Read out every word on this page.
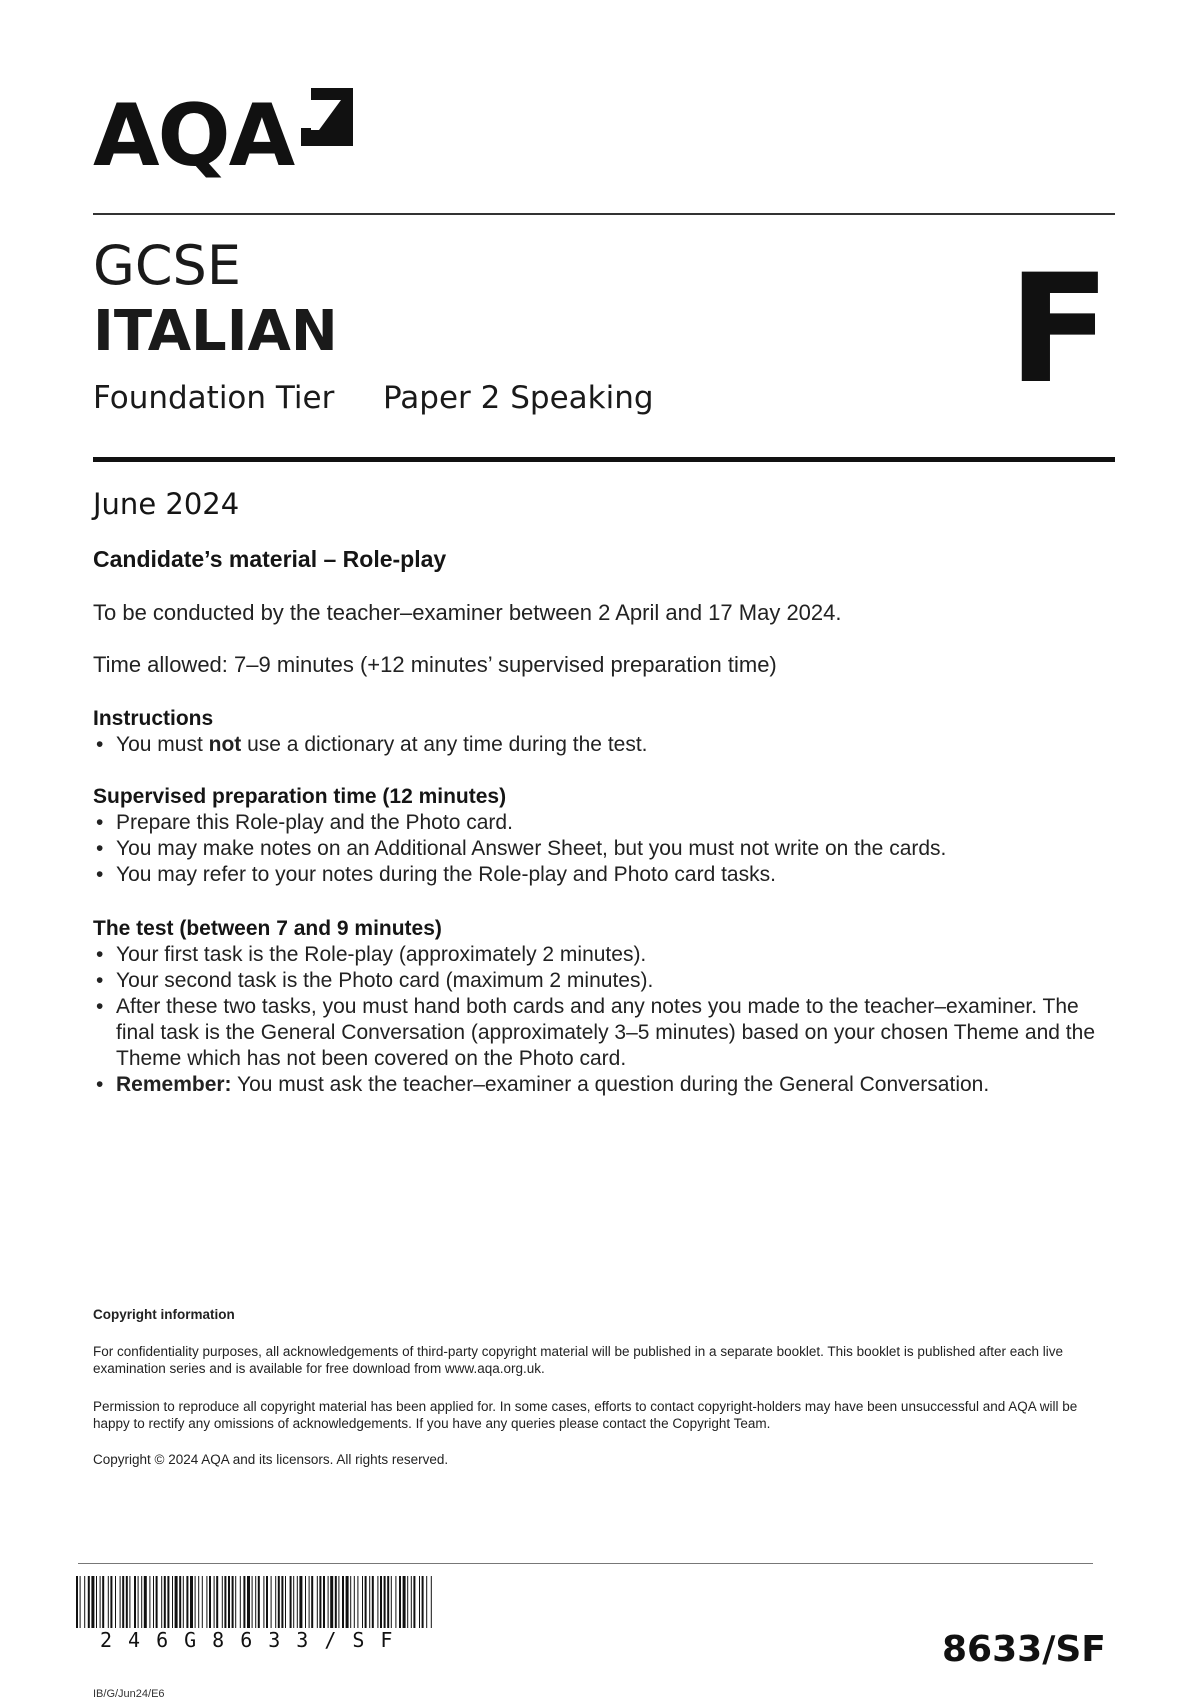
AQA
GCSE
ITALIAN
Foundation Tier Paper 2 Speaking F
June 2024
Candidate’s material – Role-play
To be conducted by the teacher–examiner between 2 April and 17 May 2024.
Time allowed: 7–9 minutes (+12 minutes’ supervised preparation time)
Instructions
• You must not use a dictionary at any time during the test.
Supervised preparation time (12 minutes)
• Prepare this Role-play and the Photo card.
• You may make notes on an Additional Answer Sheet, but you must not write on the cards.
• You may refer to your notes during the Role-play and Photo card tasks.
The test (between 7 and 9 minutes)
• Your first task is the Role-play (approximately 2 minutes).
• Your second task is the Photo card (maximum 2 minutes).
• After these two tasks, you must hand both cards and any notes you made to the teacher–examiner. The final task is the General Conversation (approximately 3–5 minutes) based on your chosen Theme and the Theme which has not been covered on the Photo card.
• Remember: You must ask the teacher–examiner a question during the General Conversation.
Copyright information
For confidentiality purposes, all acknowledgements of third-party copyright material will be published in a separate booklet. This booklet is published after each live examination series and is available for free download from www.aqa.org.uk.
Permission to reproduce all copyright material has been applied for. In some cases, efforts to contact copyright-holders may have been unsuccessful and AQA will be happy to rectify any omissions of acknowledgements. If you have any queries please contact the Copyright Team.
Copyright © 2024 AQA and its licensors. All rights reserved.
246G8633/SF
IB/G/Jun24/E6
8633/SF
